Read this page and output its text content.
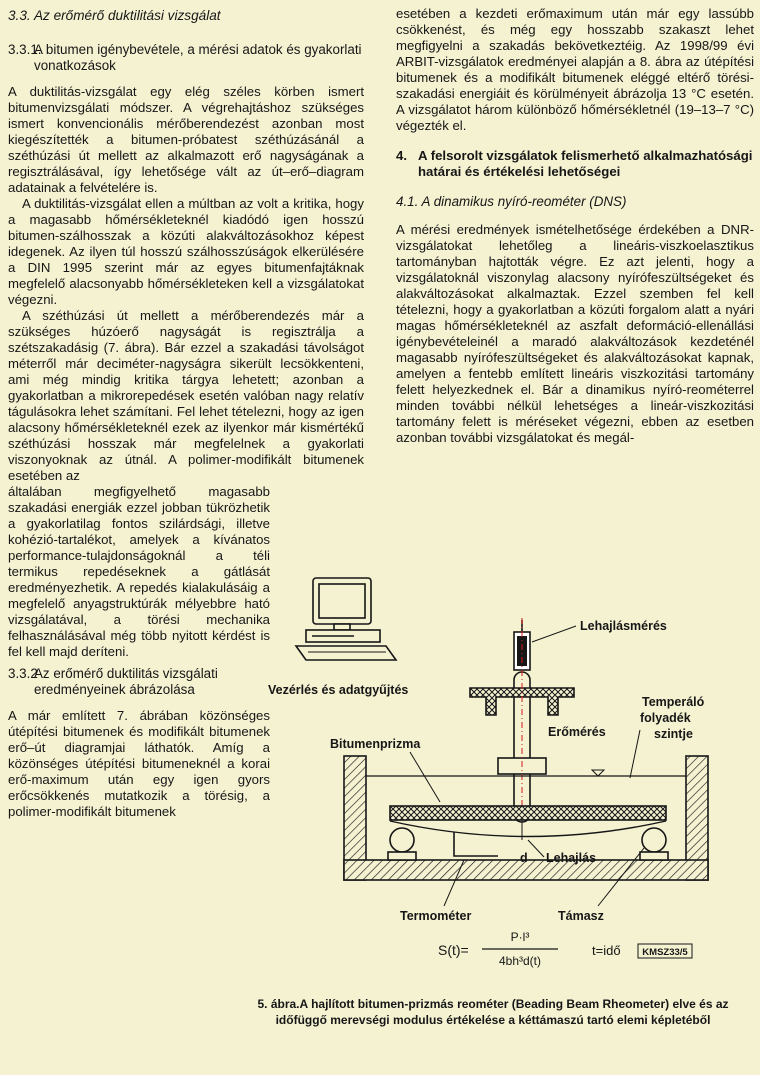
3.3. Az erőmérő duktilitási vizsgálat
3.3.1.
A bitumen igénybevétele, a mérési adatok és gyakorlati vonatkozások

A duktilitás-vizsgálat egy elég széles körben ismert bitumenvizsgálati módszer. A végrehajtáshoz szükséges ismert konvencionális mérőberendezést azonban most kiegészítették a bitumen-próbatest széthúzásánál a széthúzási út mellett az alkalmazott erő nagyságának a regisztrálásával, így lehetősége vált az út–erő–diagram adatainak a felvételére is.

A duktilitás-vizsgálat ellen a múltban az volt a kritika, hogy a magasabb hőmérsékleteknél kiadódó igen hosszú bitumen-szálhosszak a közúti alakváltozásokhoz képest idegenek. Az ilyen túl hosszú szálhosszúságok elkerülésére a DIN 1995 szerint már az egyes bitumenfajtáknak megfelelő alacsonyabb hőmérsékleteken kell a vizsgálatokat végezni.

A széthúzási út mellett a mérőberendezés már a szükséges húzóerő nagyságát is regisztrálja a szétszakadásig (7. ábra). Bár ezzel a szakadási távolságot méterről már deciméter-nagyságra sikerült lecsökkenteni, ami még mindig kritika tárgya lehetett; azonban a gyakorlatban a mikrorepedések esetén valóban nagy relatív tágulásokra lehet számítani. Fel lehet tételezni, hogy az igen alacsony hőmérsékleteknél ezek az ilyenkor már kismértékű széthúzási hosszak már megfelelnek a gyakorlati viszonyoknak az útnál. A polimer-modifikált bitumenek esetében az

általában megfigyelhető magasabb szakadási energiák ezzel jobban tükrözhetik a gyakorlatilag fontos szilárdsági, illetve kohézió-tartalékot, amelyek a kívánatos performance-tulajdonságoknál a téli termikus repedéseknek a gátlását eredményezhetik. A repedés kialakulásáig a megfelelő anyagstruktúrák mélyebbre ható vizsgálatával, a törési mechanika felhasználásával még több nyitott kérdést is fel kell majd deríteni.

3.3.2
Az erőmérő duktilitás vizsgálati eredményeinek ábrázolása

A már említett 7. ábrában közönséges útépítési bitumenek és modifikált bitumenek erő–út diagramjai láthatók. Amíg a közönséges útépítési bitumeneknél a korai erő-maximum után egy igen gyors erőcsökkenés mutatkozik a törésig, a polimer-modifikált bitumenek

esetében a kezdeti erőmaximum után már egy lassúbb csökkenést, és még egy hosszabb szakaszt lehet megfigyelni a szakadás bekövetkeztéig. Az 1998/99 évi ARBIT-vizsgálatok eredményei alapján a 8. ábra az útépítési bitumenek és a modifikált bitumenek eléggé eltérő törési-szakadási energiáit és körülményeit ábrázolja 13 °C esetén. A vizsgálatot három különböző hőmérsékletnél (19–13–7 °C) végezték el.

4. A felsorolt vizsgálatok felismerhető alkalmazhatósági határai és értékelési lehetőségei
4.1. A dinamikus nyíró-reométer (DNS)

A mérési eredmények ismételhetősége érdekében a DNR-vizsgálatokat lehetőleg a lineáris-viszkoelasztikus tartományban hajtották végre. Ez azt jelenti, hogy a vizsgálatoknál viszonylag alacsony nyírófeszültségeket és alakváltozásokat alkalmaztak. Ezzel szemben fel kell tételezni, hogy a gyakorlatban a közúti forgalom alatt a nyári magas hőmérsékleteknél az aszfalt deformáció-ellenállási igénybevételeinél a maradó alakváltozások kezdeténél magasabb nyírófeszültségeket és alakváltozásokat kapnak, amelyen a fentebb említett lineáris viszkozitási tartomány felett helyezkednek el. Bár a dinamikus nyíró-reométerrel minden további nélkül lehetséges a lineár-viszkozitási tartomány felett is méréseket végezni, ebben az esetben azonban további vizsgálatokat és megál-

Vezérlés és adatgyűjtés
Lehajlásmérés
Erőmérés
Temperáló
folyadék
szintje
Bitumenprizma
d Lehajlás
Termométer	Támasz
S(t)=
P·l³
4bh³d(t)
t=idő KMSZ33/5
5. ábra.A hajlított bitumen-prizmás reométer (Beading Beam Rheometer) elve és az időfüggő merevségi modulus értékelése a kéttámaszú tartó elemi képletéből
